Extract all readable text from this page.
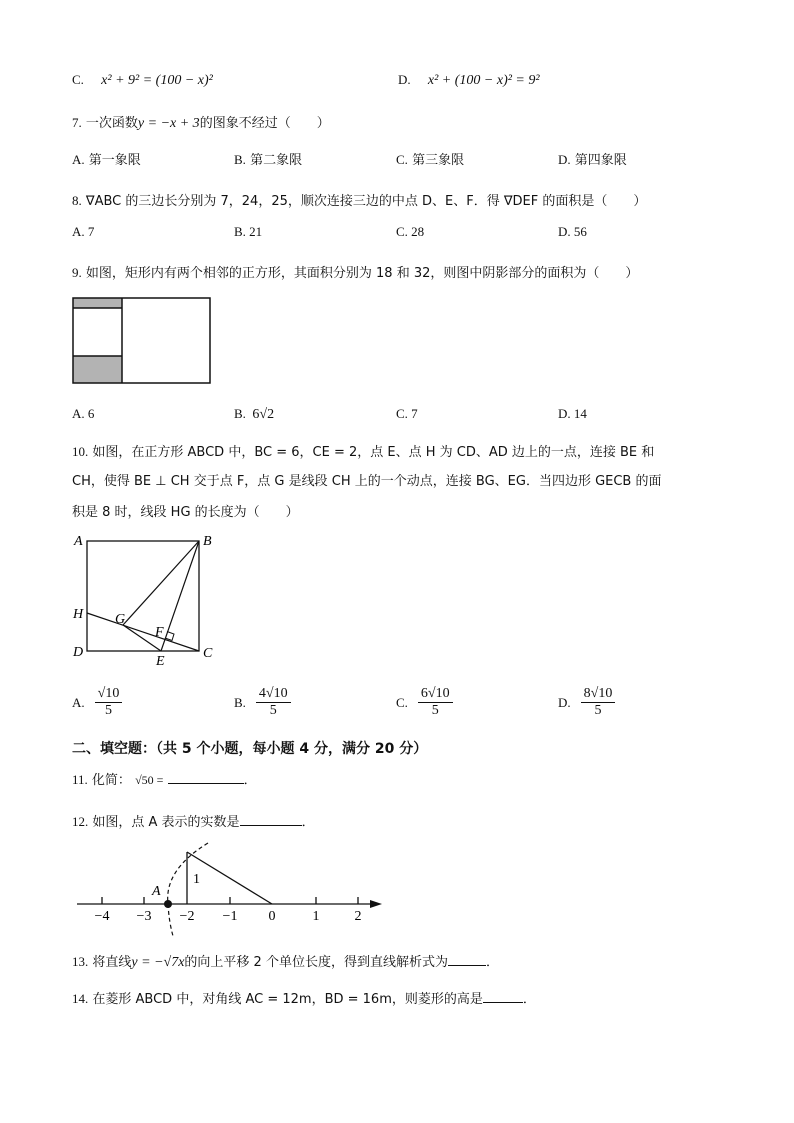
C. x² + 9² = (100 − x)²	D. x² + (100 − x)² = 9²
7. 一次函数y = −x + 3的图象不经过（　　）
A. 第一象限	B. 第二象限	C. 第三象限	D. 第四象限
8. ∇ABC 的三边长分别为 7，24，25，顺次连接三边的中点 D、E、F．得 ∇DEF 的面积是（　　）
A. 7	B. 21	C. 28	D. 56
9. 如图，矩形内有两个相邻的正方形，其面积分别为 18 和 32，则图中阴影部分的面积为（　　）
A. 6	B. 6√2	C. 7	D. 14
10. 如图，在正方形 ABCD 中，BC = 6，CE = 2，点 E、点 H 为 CD、AD 边上的一点，连接 BE 和
CH，使得 BE ⊥ CH 交于点 F，点 G 是线段 CH 上的一个动点，连接 BG、EG．当四边形 GECB 的面
积是 8 时，线段 HG 的长度为（　　）
A	B
C
D
E
F
G
H
A. $\frac{√10}{5}$	B. $\frac{4√10}{5}$	C. $\frac{6√10}{5}$	D. $\frac{8√10}{5}$
二、填空题：（共 5 个小题，每小题 4 分，满分 20 分）
11. 化简： √50 =	．
12. 如图，点 A 表示的实数是	．
A
1
−4 −3 −2 −1 0	1	2
13. 将直线y = −√7x的向上平移 2 个单位长度，得到直线解析式为	．
14. 在菱形 ABCD 中，对角线 AC = 12m，BD = 16m，则菱形的高是	．
